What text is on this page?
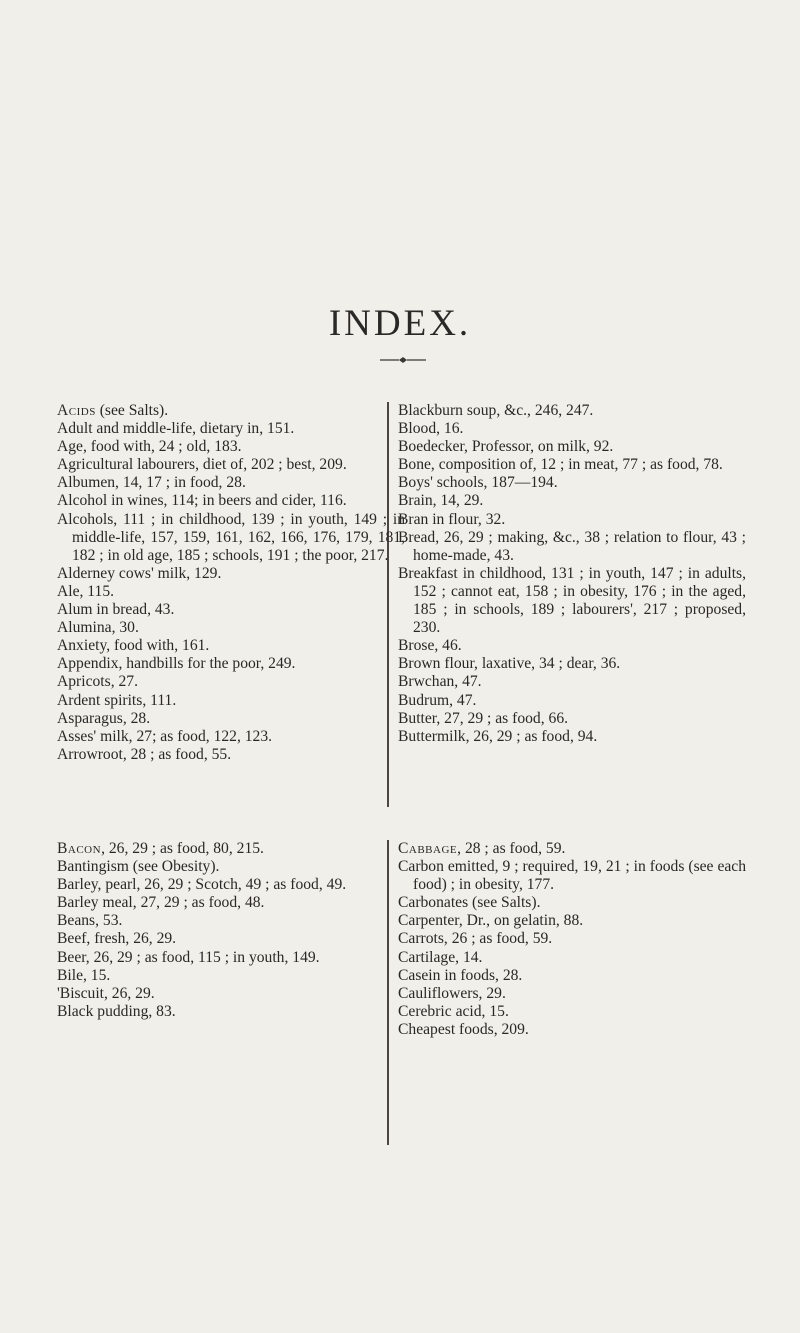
INDEX.

Acids (see Salts).

Adult and middle-life, dietary in, 151.

Age, food with, 24 ; old, 183.

Agricultural labourers, diet of, 202 ; best, 209.

Albumen, 14, 17 ; in food, 28.

Alcohol in wines, 114; in beers and cider, 116.

Alcohols, 111 ; in childhood, 139 ; in youth, 149 ; in middle-life, 157, 159, 161, 162, 166, 176, 179, 181, 182 ; in old age, 185 ; schools, 191 ; the poor, 217.

Alderney cows' milk, 129.

Ale, 115.

Alum in bread, 43.

Alumina, 30.

Anxiety, food with, 161.

Appendix, handbills for the poor, 249.

Apricots, 27.

Ardent spirits, 111.

Asparagus, 28.

Asses' milk, 27; as food, 122, 123.

Arrowroot, 28 ; as food, 55.

Blackburn soup, &c., 246, 247.

Blood, 16.

Boedecker, Professor, on milk, 92.

Bone, composition of, 12 ; in meat, 77 ; as food, 78.

Boys' schools, 187—194.

Brain, 14, 29.

Bran in flour, 32.

Bread, 26, 29 ; making, &c., 38 ; relation to flour, 43 ; home-made, 43.

Breakfast in childhood, 131 ; in youth, 147 ; in adults, 152 ; cannot eat, 158 ; in obesity, 176 ; in the aged, 185 ; in schools, 189 ; labourers', 217 ; proposed, 230.

Brose, 46.

Brown flour, laxative, 34 ; dear, 36.

Brwchan, 47.

Budrum, 47.

Butter, 27, 29 ; as food, 66.

Buttermilk, 26, 29 ; as food, 94.

Bacon, 26, 29 ; as food, 80, 215.

Bantingism (see Obesity).

Barley, pearl, 26, 29 ; Scotch, 49 ; as food, 49.

Barley meal, 27, 29 ; as food, 48.

Beans, 53.

Beef, fresh, 26, 29.

Beer, 26, 29 ; as food, 115 ; in youth, 149.

Bile, 15.

'Biscuit, 26, 29.

Black pudding, 83.

Cabbage, 28 ; as food, 59.

Carbon emitted, 9 ; required, 19, 21 ; in foods (see each food) ; in obesity, 177.

Carbonates (see Salts).

Carpenter, Dr., on gelatin, 88.

Carrots, 26 ; as food, 59.

Cartilage, 14.

Casein in foods, 28.

Cauliflowers, 29.

Cerebric acid, 15.

Cheapest foods, 209.
